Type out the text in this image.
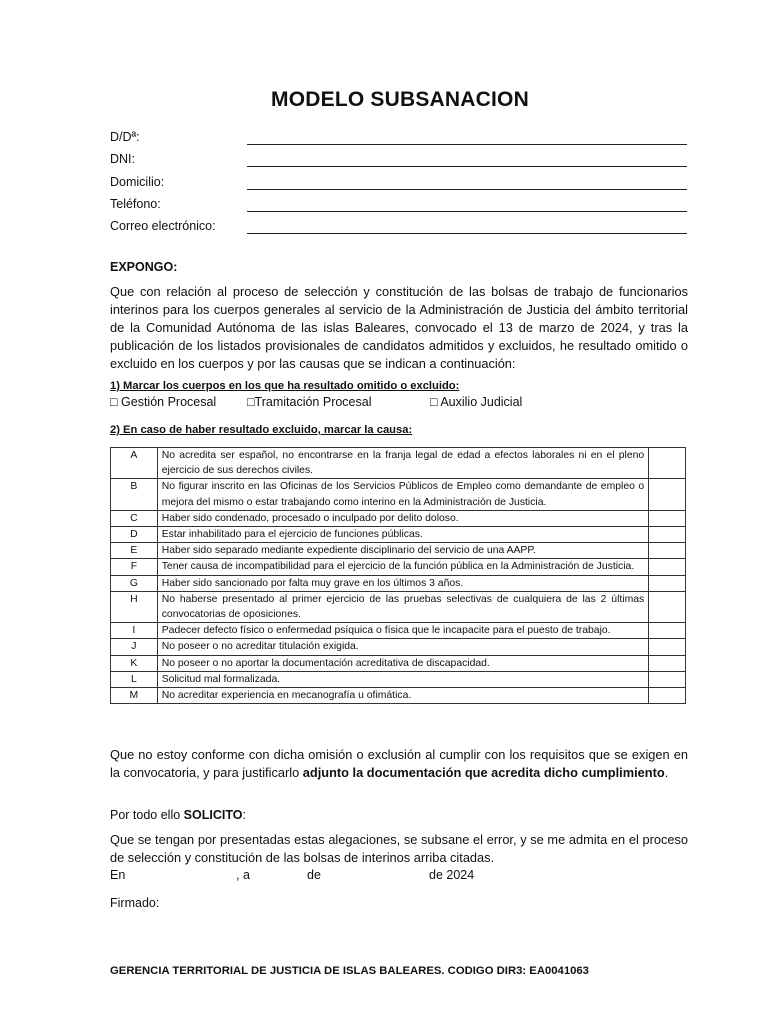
MODELO SUBSANACION
D/Dª:
DNI:
Domicilio:
Teléfono:
Correo electrónico:
EXPONGO:
Que con relación al proceso de selección y constitución de las bolsas de trabajo de funcionarios interinos para los cuerpos generales al servicio de la Administración de Justicia del ámbito territorial de la Comunidad Autónoma de las islas Baleares, convocado el 13 de marzo de 2024, y tras la publicación de los listados provisionales de candidatos admitidos y excluidos, he resultado omitido o excluido en los cuerpos y por las causas que se indican a continuación:
1) Marcar los cuerpos en los que ha resultado omitido o excluido:
□ Gestión Procesal □Tramitación Procesal	□ Auxilio Judicial
2) En caso de haber resultado excluido, marcar la causa:
A	No acredita ser español, no encontrarse en la franja legal de edad a efectos laborales ni en el pleno ejercicio de sus derechos civiles.	
B	No figurar inscrito en las Oficinas de los Servicios Públicos de Empleo como demandante de empleo o mejora del mismo o estar trabajando como interino en la Administración de Justicia.	
C	Haber sido condenado, procesado o inculpado por delito doloso.	
D	Estar inhabilitado para el ejercicio de funciones públicas.	
E	Haber sido separado mediante expediente disciplinario del servicio de una AAPP.	
F	Tener causa de incompatibilidad para el ejercicio de la función pública en la Administración de Justicia.	
G	Haber sido sancionado por falta muy grave en los últimos 3 años.	
H	No haberse presentado al primer ejercicio de las pruebas selectivas de cualquiera de las 2 últimas convocatorias de oposiciones.	
I	Padecer defecto físico o enfermedad psíquica o física que le incapacite para el puesto de trabajo.	
J	No poseer o no acreditar titulación exigida.	
K	No poseer o no aportar la documentación acreditativa de discapacidad.	
L	Solicitud mal formalizada.	
M	No acreditar experiencia en mecanografía u ofimática.	
Que no estoy conforme con dicha omisión o exclusión al cumplir con los requisitos que se exigen en la convocatoria, y para justificarlo adjunto la documentación que acredita dicho cumplimiento.
Por todo ello SOLICITO:
Que se tengan por presentadas estas alegaciones, se subsane el error, y se me admita en el proceso de selección y constitución de las bolsas de interinos arriba citadas.
En	, a	de	de 2024
Firmado:
GERENCIA TERRITORIAL DE JUSTICIA DE ISLAS BALEARES. CODIGO DIR3: EA0041063
